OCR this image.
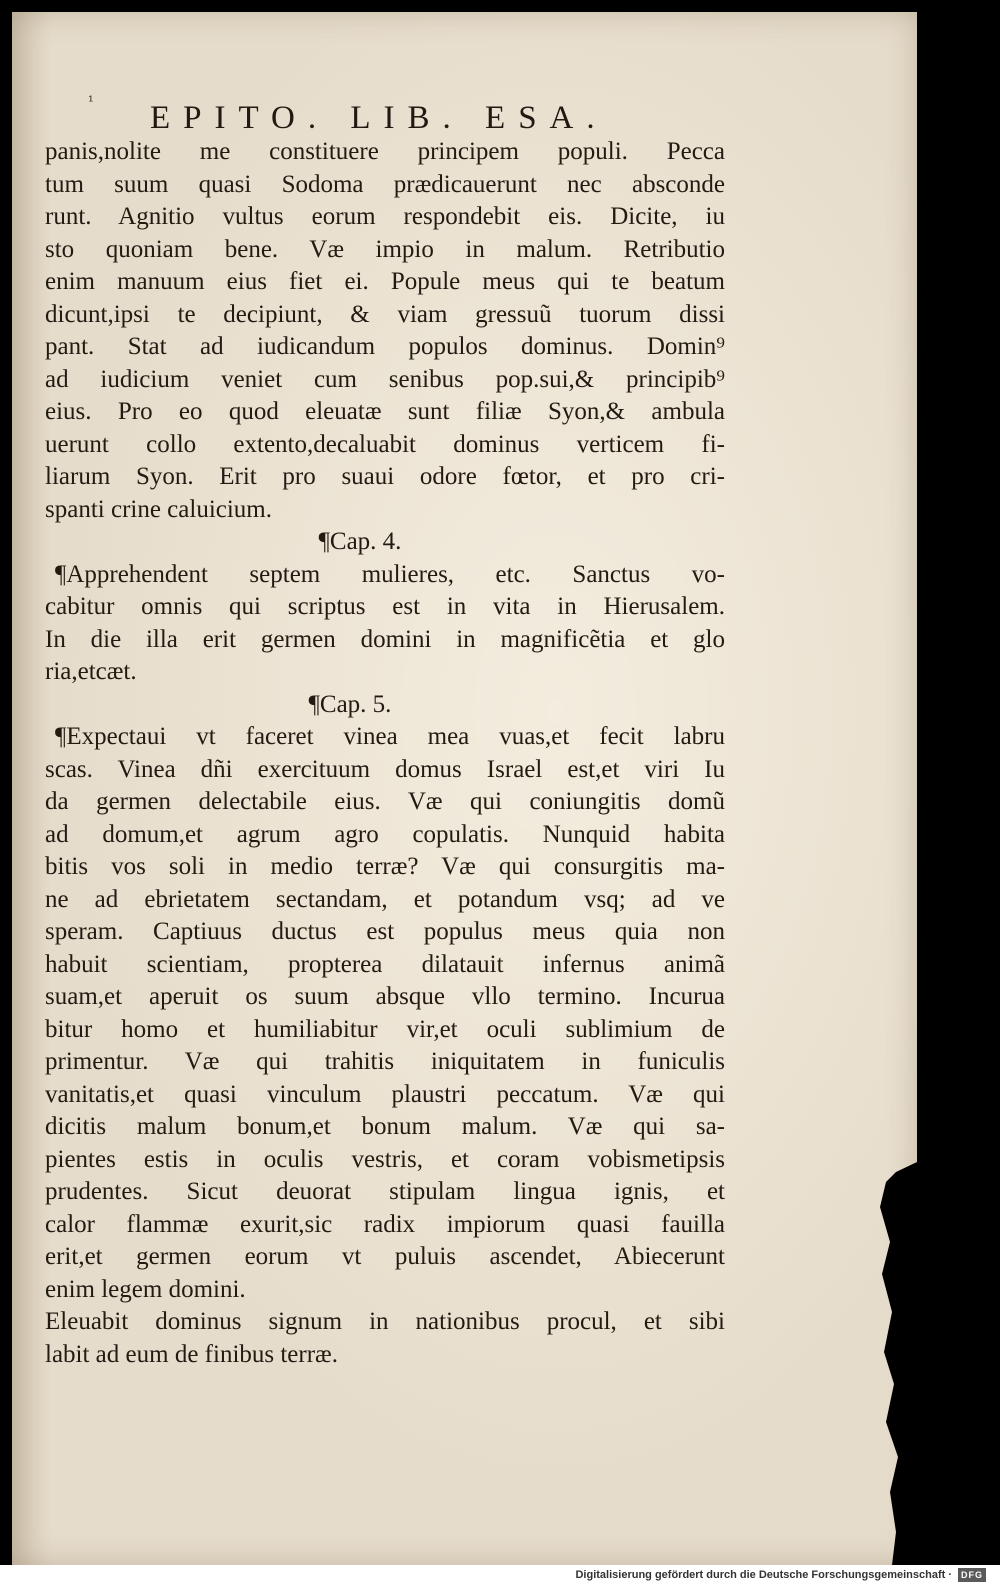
¹ EPITO. LIB. ESA.
panis,nolite me constituere principem populi. Pecca
tum suum quasi Sodoma prædicauerunt nec absconde
runt. Agnitio vultus eorum respondebit eis. Dicite, iu
sto quoniam bene. Væ impio in malum. Retributio
enim manuum eius fiet ei. Popule meus qui te beatum
dicunt,ipsi te decipiunt, & viam gressuũ tuorum dissi
pant. Stat ad iudicandum populos dominus. Domin⁹
ad iudicium veniet cum senibus pop.sui,& principib⁹
eius. Pro eo quod eleuatæ sunt filiæ Syon,& ambula
uerunt collo extento,decaluabit dominus verticem fi-
liarum Syon. Erit pro suaui odore fœtor, et pro cri-
spanti crine caluicium.
¶Cap. 4.
¶Apprehendent septem mulieres, etc. Sanctus vo-
cabitur omnis qui scriptus est in vita in Hierusalem.
In die illa erit germen domini in magnificẽtia et glo
ria,etcæt.
¶Cap. 5.
¶Expectaui vt faceret vinea mea vuas,et fecit labru
scas. Vinea dñi exercituum domus Israel est,et viri Iu
da germen delectabile eius. Væ qui coniungitis domũ
ad domum,et agrum agro copulatis. Nunquid habita
bitis vos soli in medio terræ? Væ qui consurgitis ma-
ne ad ebrietatem sectandam, et potandum vsq; ad ve
speram. Captiuus ductus est populus meus quia non
habuit scientiam, propterea dilatauit infernus animã
suam,et aperuit os suum absque vllo termino. Incurua
bitur homo et humiliabitur vir,et oculi sublimium de
primentur. Væ qui trahitis iniquitatem in funiculis
vanitatis,et quasi vinculum plaustri peccatum. Væ qui
dicitis malum bonum,et bonum malum. Væ qui sa-
pientes estis in oculis vestris, et coram vobismetipsis
prudentes. Sicut deuorat stipulam lingua ignis, et
calor flammæ exurit,sic radix impiorum quasi fauilla
erit,et germen eorum vt puluis ascendet, Abiecerunt
enim legem domini.
Eleuabit dominus signum in nationibus procul, et sibi
labit ad eum de finibus terræ.
Digitalisierung gefördert durch die Deutsche Forschungsgemeinschaft ·	DFG
